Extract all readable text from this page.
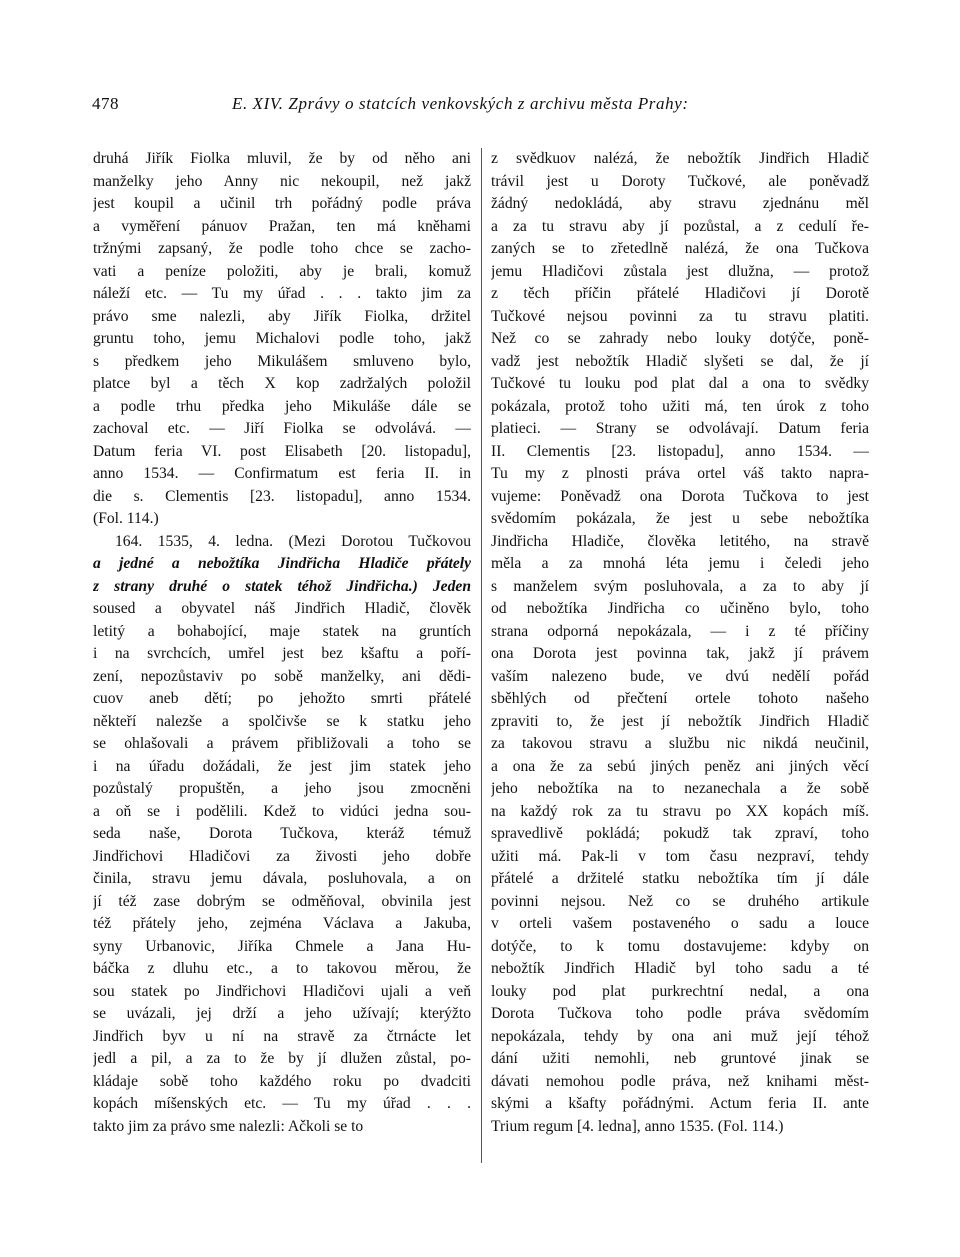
478	E. XIV. Zprávy o statcích venkovských z archivu města Prahy:
druhá Jiřík Fiolka mluvil, že by od něho ani
manželky jeho Anny nic nekoupil, než jakž
jest koupil a učinil trh pořádný podle práva
a vyměření pánuov Pražan, ten má kněhami
tržnými zapsaný, že podle toho chce se zacho-
vati a peníze položiti, aby je brali, komuž
náleží etc. — Tu my úřad . . . takto jim za
právo sme nalezli, aby Jiřík Fiolka, držitel
gruntu toho, jemu Michalovi podle toho, jakž
s předkem jeho Mikulášem smluveno bylo,
platce byl a těch X kop zadržalých položil
a podle trhu předka jeho Mikuláše dále se
zachoval etc. — Jiří Fiolka se odvolává. —
Datum feria VI. post Elisabeth [20. listopadu],
anno 1534. — Confirmatum est feria II. in
die s. Clementis [23. listopadu], anno 1534.
(Fol. 114.)
164. 1535, 4. ledna. (Mezi Dorotou Tučkovou
a jedné a nebožtíka Jindřicha Hladiče přátely
z strany druhé o statek téhož Jindřicha.) Jeden
soused a obyvatel náš Jindřich Hladič, člověk
letitý a bohabojící, maje statek na gruntích
i na svrchcích, umřel jest bez kšaftu a poří-
zení, nepozůstaviv po sobě manželky, ani dědi-
cuov aneb dětí; po jehožto smrti přátelé
někteří nalezše a spolčivše se k statku jeho
se ohlašovali a právem přibližovali a toho se
i na úřadu dožádali, že jest jim statek jeho
pozůstalý propuštěn, a jeho jsou zmocněni
a oň se i podělili. Kdež to vidúci jedna sou-
seda naše, Dorota Tučkova, kteráž témuž
Jindřichovi Hladičovi za živosti jeho dobře
činila, stravu jemu dávala, posluhovala, a on
jí též zase dobrým se odměňoval, obvinila jest
též přátely jeho, zejména Václava a Jakuba,
syny Urbanovic, Jiříka Chmele a Jana Hu-
báčka z dluhu etc., a to takovou měrou, že
sou statek po Jindřichovi Hladičovi ujali a veň
se uvázali, jej drží a jeho užívají; kterýžto
Jindřich byv u ní na stravě za čtrnácte let
jedl a pil, a za to že by jí dlužen zůstal, po-
kládaje sobě toho každého roku po dvadciti
kopách míšenských etc. — Tu my úřad . . .
takto jim za právo sme nalezli: Ačkoli se to
z svědkuov nalézá, že nebožtík Jindřich Hladič
trávil jest u Doroty Tučkové, ale poněvadž
žádný nedokládá, aby stravu zjednánu měl
a za tu stravu aby jí pozůstal, a z cedulí ře-
zaných se to zřetedlně nalézá, že ona Tučkova
jemu Hladičovi zůstala jest dlužna, — protož
z těch příčin přátelé Hladičovi jí Dorotě
Tučkové nejsou povinni za tu stravu platiti.
Než co se zahrady nebo louky dotýče, poně-
vadž jest nebožtík Hladič slyšeti se dal, že jí
Tučkové tu louku pod plat dal a ona to svědky
pokázala, protož toho užiti má, ten úrok z toho
platieci. — Strany se odvolávají. Datum feria
II. Clementis [23. listopadu], anno 1534. —
Tu my z plnosti práva ortel váš takto naprа-
vujeme: Poněvadž ona Dorota Tučkova to jest
svědomím pokázala, že jest u sebe nebožtíka
Jindřicha Hladiče, člověka letitého, na stravě
měla a za mnohá léta jemu i čeledi jeho
s manželem svým posluhovala, a za to aby jí
od nebožtíka Jindřicha co učiněno bylo, toho
strana odporná nepokázala, — i z té příčiny
ona Dorota jest povinna tak, jakž jí právem
vaším nalezeno bude, ve dvú nedělí pořád
sběhlých od přečtení ortele tohoto našeho
zpraviti to, že jest jí nebožtík Jindřich Hladič
za takovou stravu a službu nic nikdá neučinil,
a ona že za sebú jiných peněz ani jiných věcí
jeho nebožtíka na to nezanechala a že sobě
na každý rok za tu stravu po XX kopách míš.
spravedlivě pokládá; pokudž tak zpraví, toho
užiti má. Pak-li v tom času nezpraví, tehdy
přátelé a držitelé statku nebožtíka tím jí dále
povinni nejsou. Než co se druhého artikule
v orteli vašem postaveného o sadu a louce
dotýče, to k tomu dostavujeme: kdyby on
nebožtík Jindřich Hladič byl toho sadu a té
louky pod plat purkrechtní nedal, a ona
Dorota Tučkova toho podle práva svědomím
nepokázala, tehdy by ona ani muž její téhož
dání užiti nemohli, neb gruntové jinak se
dávati nemohou podle práva, než knihami měst-
skými a kšafty pořádnými. Actum feria II. ante
Trium regum [4. ledna], anno 1535. (Fol. 114.)
